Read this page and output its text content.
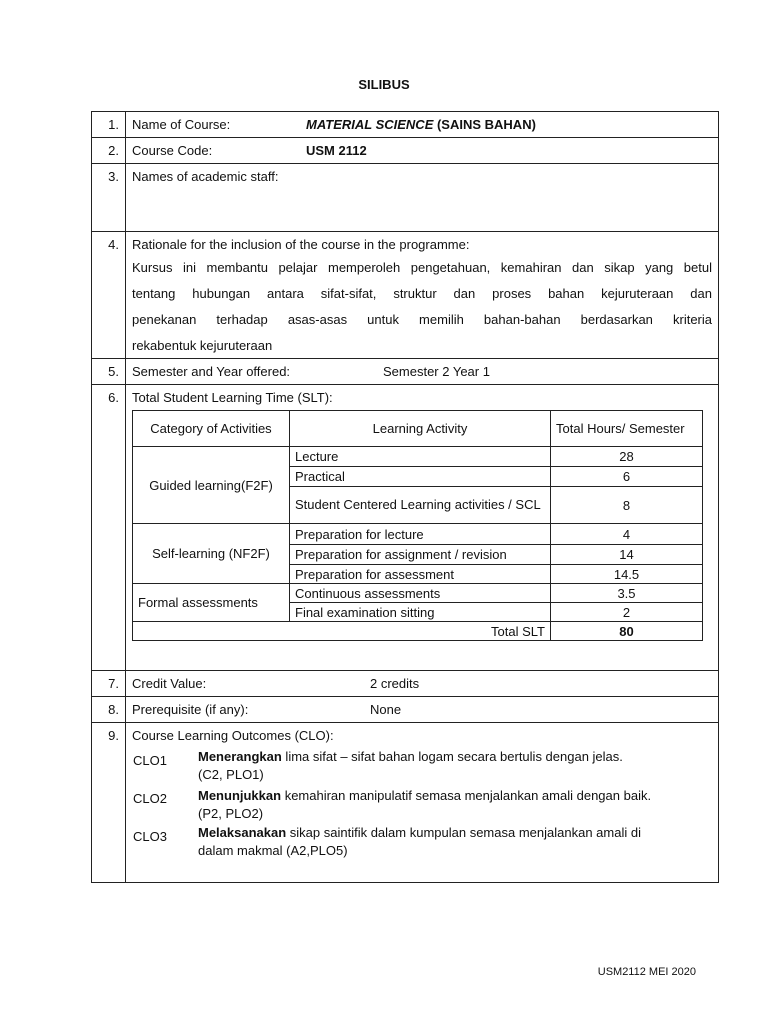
SILIBUS
1.	Name of Course:	MATERIAL SCIENCE (SAINS BAHAN)
2.	Course Code:	USM 2112
3.	Names of academic staff:
4.	Rationale for the inclusion of the course in the programme:
Kursus ini membantu pelajar memperoleh pengetahuan, kemahiran dan sikap yang betul
tentang hubungan antara sifat-sifat, struktur dan proses bahan kejuruteraan dan
penekanan terhadap asas-asas untuk memilih bahan-bahan berdasarkan kriteria
rekabentuk kejuruteraan
5.	Semester and Year offered:	Semester 2 Year 1
6.	Total Student Learning Time (SLT):
Category of Activities	Learning Activity	Total Hours/ Semester
Guided learning(F2F)	Lecture	28
	Practical	6
	Student Centered Learning activities / SCL	8
Self-learning (NF2F)	Preparation for lecture	4
	Preparation for assignment / revision	14
	Preparation for assessment	14.5
Formal assessments	Continuous assessments	3.5
	Final examination sitting	2
Total SLT		80
7.	Credit Value:	2 credits
8.	Prerequisite (if any):	None
9.	Course Learning Outcomes (CLO):
CLO1 Menerangkan lima sifat – sifat bahan logam secara bertulis dengan jelas.
(C2, PLO1)
CLO2 Menunjukkan kemahiran manipulatif semasa menjalankan amali dengan baik.
(P2, PLO2)
CLO3 Melaksanakan sikap saintifik dalam kumpulan semasa menjalankan amali di
dalam makmal (A2,PLO5)
USM2112 MEI 2020
